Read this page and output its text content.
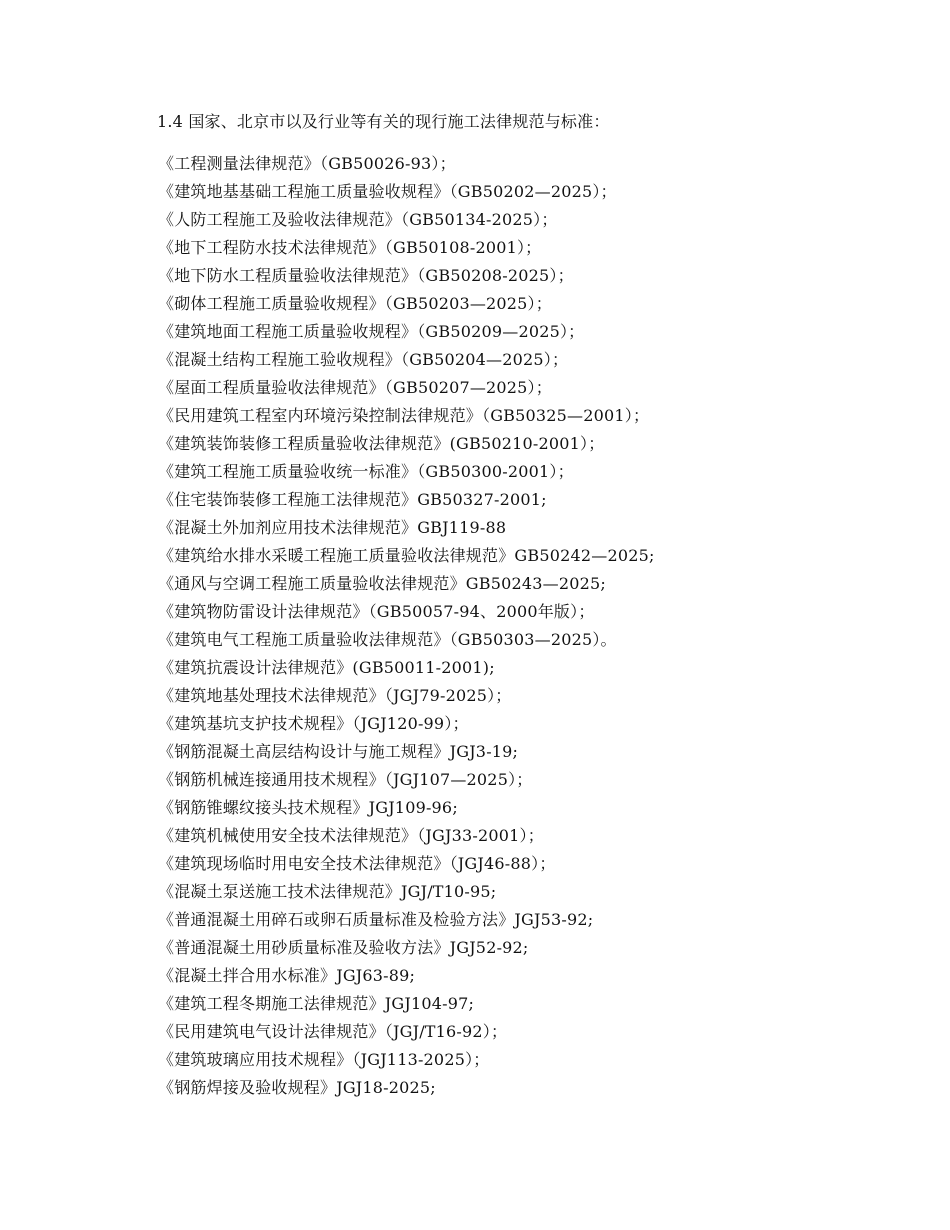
1.4 国家、北京市以及行业等有关的现行施工法律规范与标准：
《工程测量法律规范》（GB50026-93）；
《建筑地基基础工程施工质量验收规程》（GB50202—2025）；
《人防工程施工及验收法律规范》（GB50134-2025）；
《地下工程防水技术法律规范》（GB50108-2001）；
《地下防水工程质量验收法律规范》（GB50208-2025）；
《砌体工程施工质量验收规程》（GB50203—2025）；
《建筑地面工程施工质量验收规程》（GB50209—2025）；
《混凝土结构工程施工验收规程》（GB50204—2025）；
《屋面工程质量验收法律规范》（GB50207—2025）；
《民用建筑工程室内环境污染控制法律规范》（GB50325—2001）；
《建筑装饰装修工程质量验收法律规范》(GB50210-2001）；
《建筑工程施工质量验收统一标准》（GB50300-2001）；
《住宅装饰装修工程施工法律规范》GB50327-2001;
《混凝土外加剂应用技术法律规范》GBJ119-88
《建筑给水排水采暖工程施工质量验收法律规范》GB50242—2025;
《通风与空调工程施工质量验收法律规范》GB50243—2025;
《建筑物防雷设计法律规范》（GB50057-94、2000年版）；
《建筑电气工程施工质量验收法律规范》（GB50303—2025）。
《建筑抗震设计法律规范》(GB50011-2001);
《建筑地基处理技术法律规范》（JGJ79-2025）；
《建筑基坑支护技术规程》（JGJ120-99）；
《钢筋混凝土高层结构设计与施工规程》JGJ3-19;
《钢筋机械连接通用技术规程》（JGJ107—2025）；
《钢筋锥螺纹接头技术规程》JGJ109-96;
《建筑机械使用安全技术法律规范》（JGJ33-2001）；
《建筑现场临时用电安全技术法律规范》（JGJ46-88）；
《混凝土泵送施工技术法律规范》JGJ/T10-95;
《普通混凝土用碎石或卵石质量标准及检验方法》JGJ53-92;
《普通混凝土用砂质量标准及验收方法》JGJ52-92;
《混凝土拌合用水标准》JGJ63-89;
《建筑工程冬期施工法律规范》JGJ104-97;
《民用建筑电气设计法律规范》（JGJ/T16-92）；
《建筑玻璃应用技术规程》（JGJ113-2025）；
《钢筋焊接及验收规程》JGJ18-2025;
